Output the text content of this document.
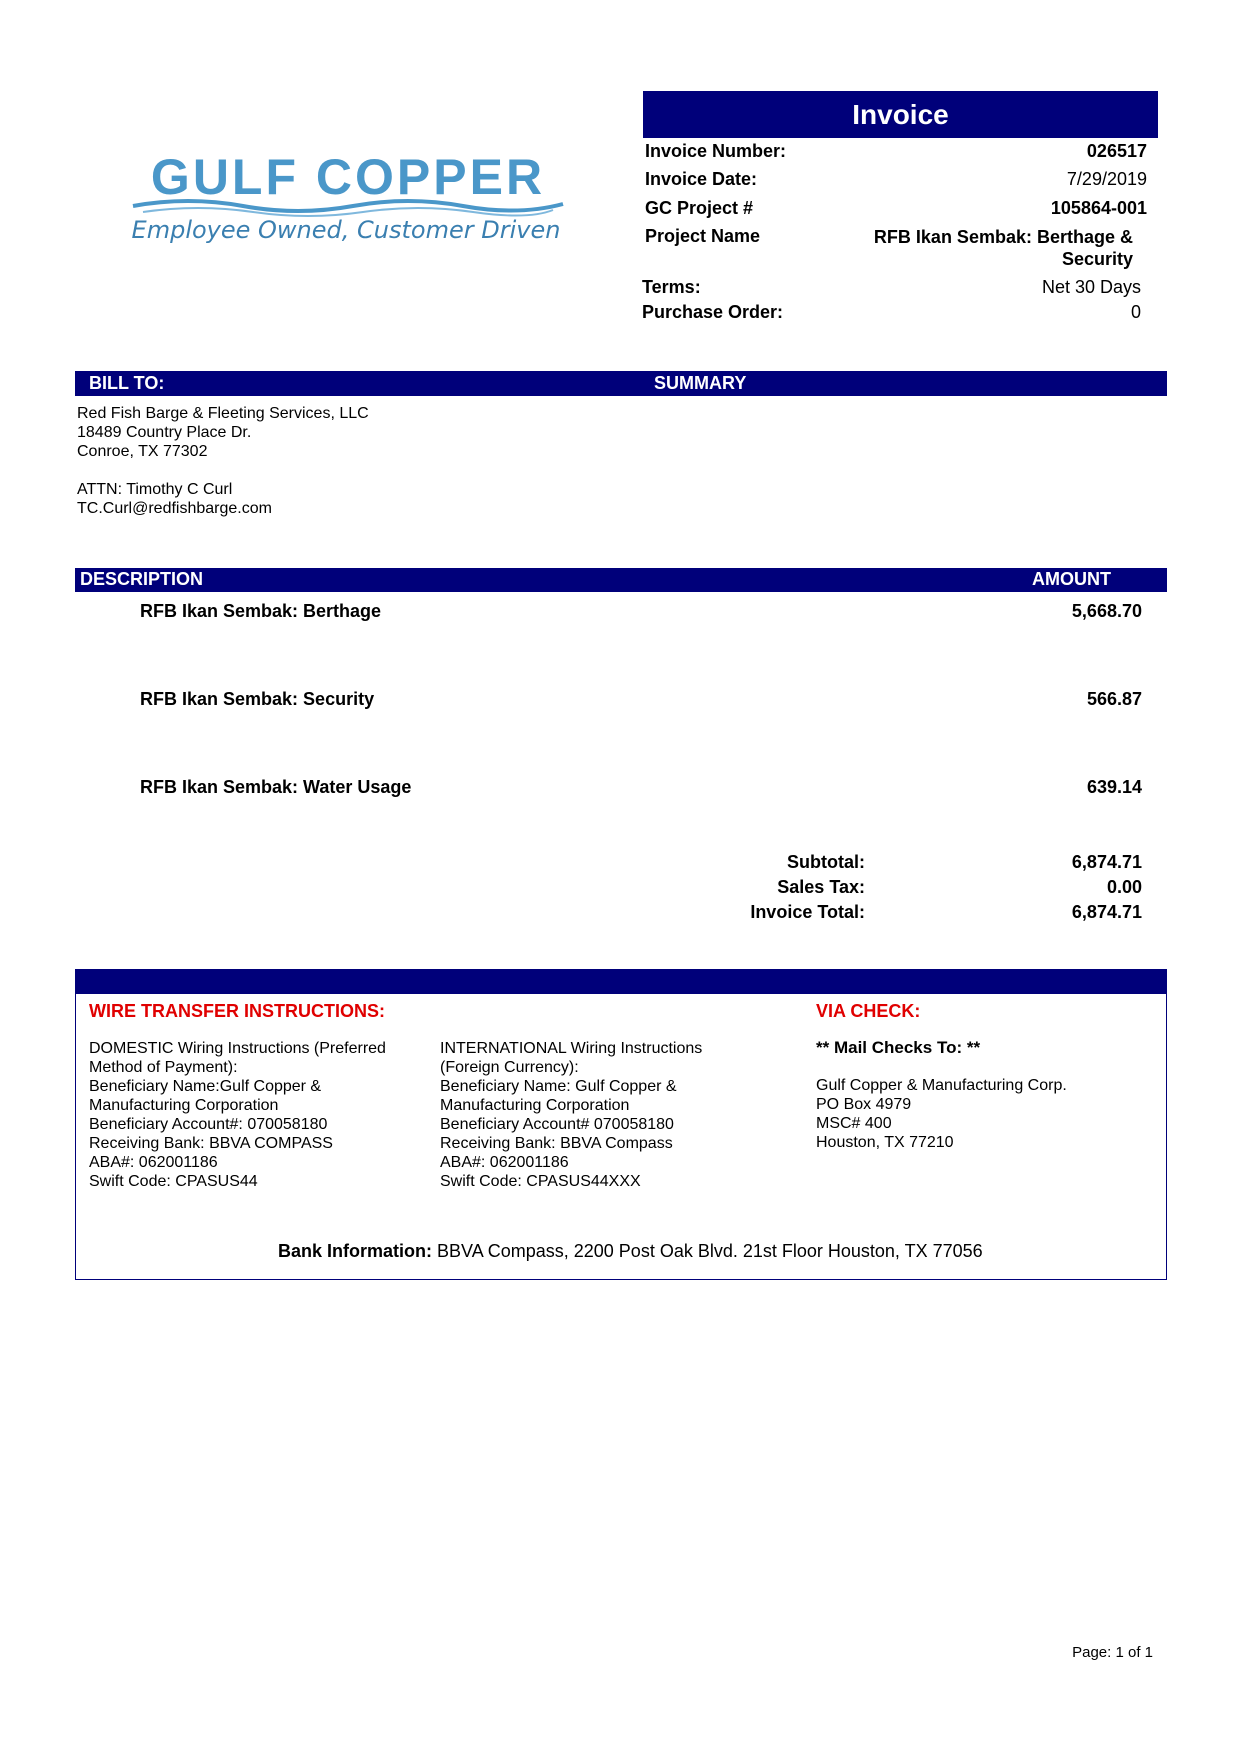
GULF COPPER
Employee Owned, Customer Driven
Invoice
Invoice Number:	026517
Invoice Date:	7/29/2019
GC Project #	105864-001
Project Name	RFB Ikan Sembak: Berthage &
Security
Terms:	Net 30 Days
Purchase Order:	0
BILL TO:	SUMMARY
Red Fish Barge & Fleeting Services, LLC
18489 Country Place Dr.
Conroe, TX 77302
ATTN: Timothy C Curl
TC.Curl@redfishbarge.com
DESCRIPTION	AMOUNT
RFB Ikan Sembak: Berthage	5,668.70
RFB Ikan Sembak: Security	566.87
RFB Ikan Sembak: Water Usage	639.14
Subtotal:	6,874.71
Sales Tax:	0.00
Invoice Total:	6,874.71
WIRE TRANSFER INSTRUCTIONS:	VIA CHECK:
DOMESTIC Wiring Instructions (Preferred
Method of Payment):
Beneficiary Name:Gulf Copper &
Manufacturing Corporation
Beneficiary Account#: 070058180
Receiving Bank: BBVA COMPASS
ABA#: 062001186
Swift Code: CPASUS44
INTERNATIONAL Wiring Instructions
(Foreign Currency):
Beneficiary Name: Gulf Copper &
Manufacturing Corporation
Beneficiary Account# 070058180
Receiving Bank: BBVA Compass
ABA#: 062001186
Swift Code: CPASUS44XXX
** Mail Checks To: **
Gulf Copper & Manufacturing Corp.
PO Box 4979
MSC# 400
Houston, TX 77210
Bank Information: BBVA Compass, 2200 Post Oak Blvd. 21st Floor Houston, TX 77056
Page: 1 of 1
